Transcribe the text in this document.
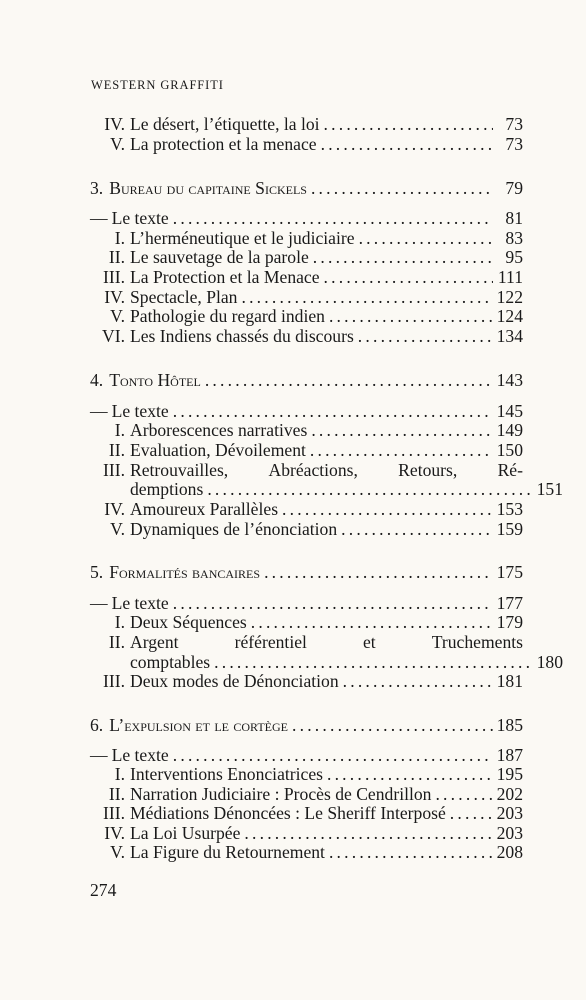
WESTERN GRAFFITI
IV. Le désert, l’étiquette, la loi . . .	73
V. La protection et la menace . . .	73
3. Bureau du capitaine Sickels . . .	79
— Le texte . . .	81
I. L’herméneutique et le judiciaire . . .	83
II. Le sauvetage de la parole . . .	95
III. La Protection et la Menace . . .	111
IV. Spectacle, Plan . . .	122
V. Pathologie du regard indien . . .	124
VI. Les Indiens chassés du discours . . .	134
4. Tonto Hôtel . . .	143
— Le texte . . .	145
I. Arborescences narratives . . .	149
II. Evaluation, Dévoilement . . .	150
III. Retrouvailles, Abréactions, Retours, Ré-
demptions . . .	151
IV. Amoureux Parallèles . . .	153
V. Dynamiques de l’énonciation . . .	159
5. Formalités bancaires . . .	175
— Le texte . . .	177
I. Deux Séquences . . .	179
II. Argent	référentiel	et	Truchements
comptables . . .	180
III. Deux modes de Dénonciation . . .	181
6. L’expulsion et le cortège . . .	185
— Le texte . . .	187
I. Interventions Enonciatrices . . .	195
II. Narration Judiciaire : Procès de Cendrillon . . .	202
III. Médiations Dénoncées : Le Sheriff Interposé . . .	203
IV. La Loi Usurpée . . .	203
V. La Figure du Retournement . . .	208
274
